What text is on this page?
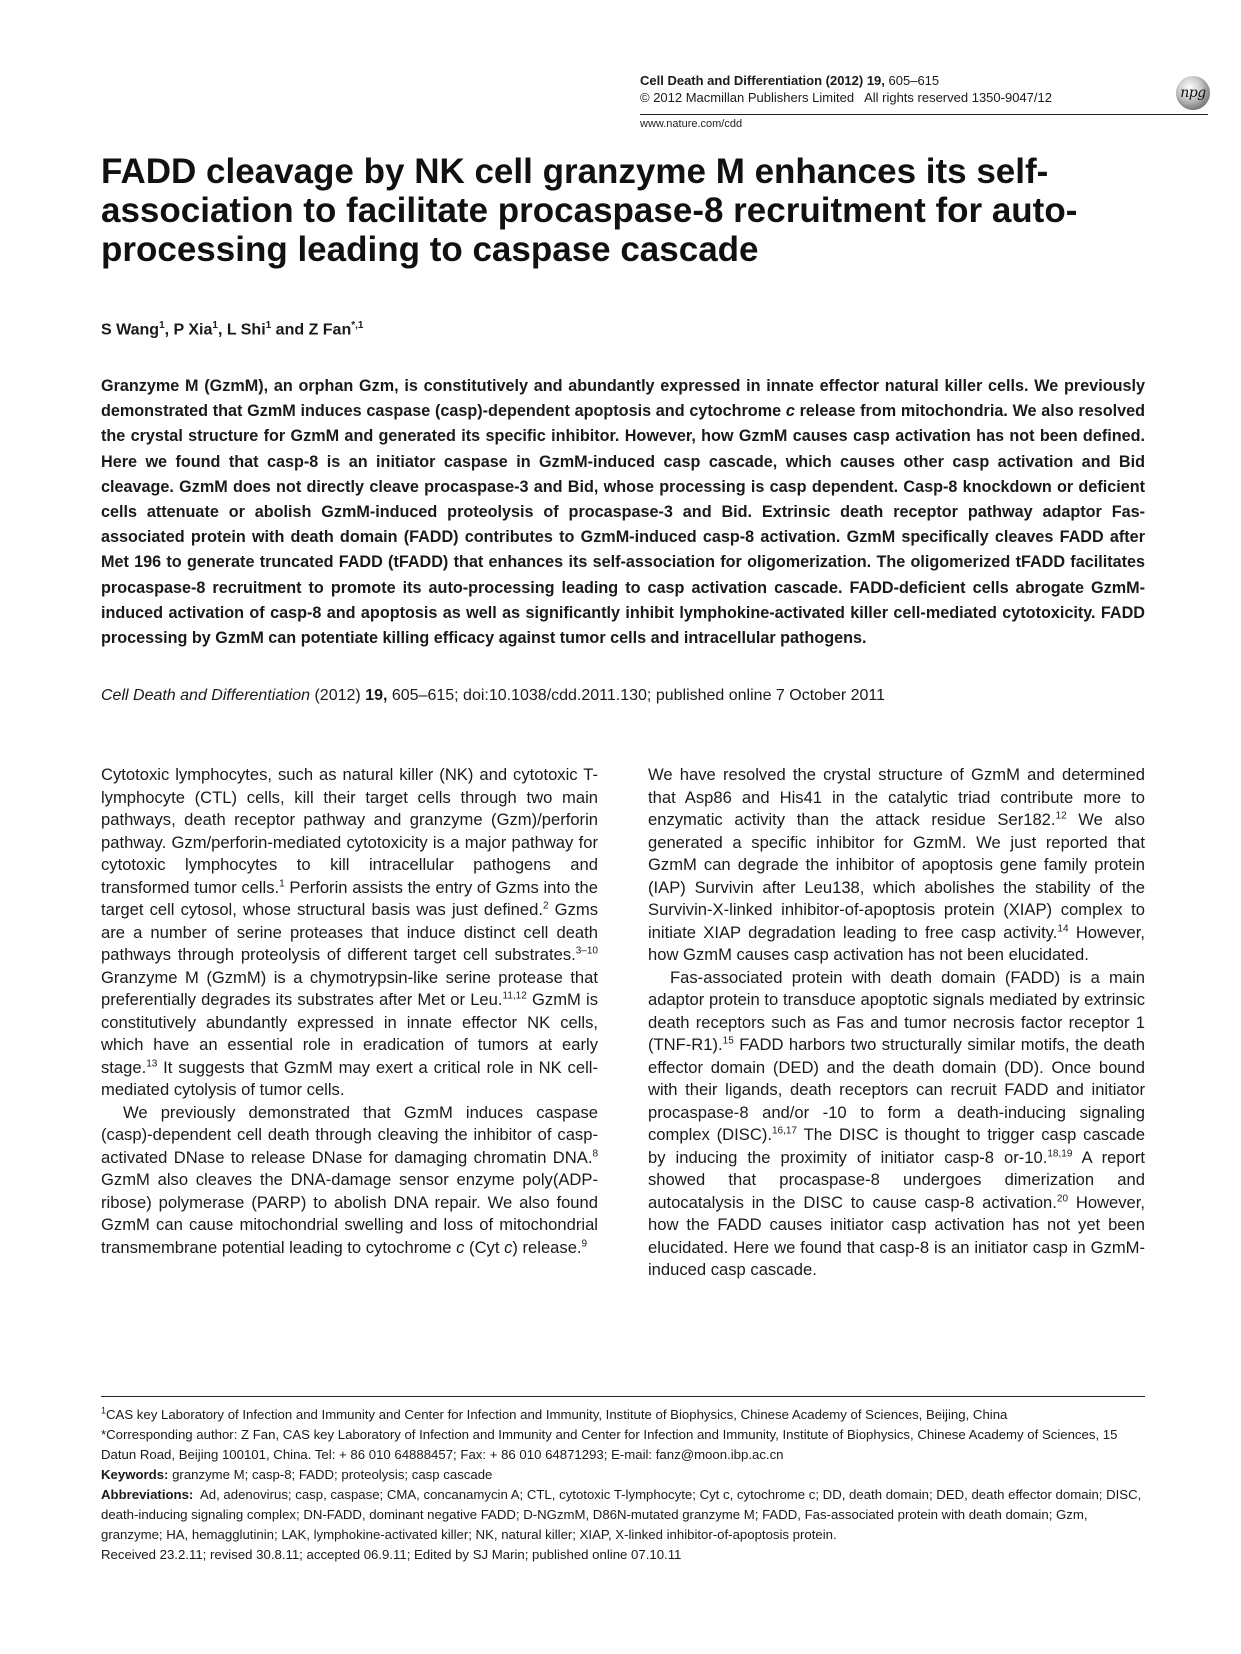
Cell Death and Differentiation (2012) 19, 605–615
© 2012 Macmillan Publishers Limited All rights reserved 1350-9047/12	npg
www.nature.com/cdd
FADD cleavage by NK cell granzyme M enhances its self-association to facilitate procaspase-8 recruitment for auto-processing leading to caspase cascade
S Wang$^1$, P Xia$^1$, L Shi$^1$ and Z Fan$^{*,1}$

Granzyme M (GzmM), an orphan Gzm, is constitutively and abundantly expressed in innate effector natural killer cells. We previously demonstrated that GzmM induces caspase (casp)-dependent apoptosis and cytochrome c release from mitochondria. We also resolved the crystal structure for GzmM and generated its specific inhibitor. However, how GzmM causes casp activation has not been defined. Here we found that casp-8 is an initiator caspase in GzmM-induced casp cascade, which causes other casp activation and Bid cleavage. GzmM does not directly cleave procaspase-3 and Bid, whose processing is casp dependent. Casp-8 knockdown or deficient cells attenuate or abolish GzmM-induced proteolysis of procaspase-3 and Bid. Extrinsic death receptor pathway adaptor Fas-associated protein with death domain (FADD) contributes to GzmM-induced casp-8 activation. GzmM specifically cleaves FADD after Met 196 to generate truncated FADD (tFADD) that enhances its self-association for oligomerization. The oligomerized tFADD facilitates procaspase-8 recruitment to promote its auto-processing leading to casp activation cascade. FADD-deficient cells abrogate GzmM-induced activation of casp-8 and apoptosis as well as significantly inhibit lymphokine-activated killer cell-mediated cytotoxicity. FADD processing by GzmM can potentiate killing efficacy against tumor cells and intracellular pathogens.

Cell Death and Differentiation (2012) 19, 605–615; doi:10.1038/cdd.2011.130; published online 7 October 2011

Cytotoxic lymphocytes, such as natural killer (NK) and cytotoxic T-lymphocyte (CTL) cells, kill their target cells through two main pathways, death receptor pathway and granzyme (Gzm)/perforin pathway. Gzm/perforin-mediated cytotoxicity is a major pathway for cytotoxic lymphocytes to kill intracellular pathogens and transformed tumor cells.$^1$ Perforin assists the entry of Gzms into the target cell cytosol, whose structural basis was just defined.$^2$ Gzms are a number of serine proteases that induce distinct cell death pathways through proteolysis of different target cell substrates.$^{3-10}$ Granzyme M (GzmM) is a chymotrypsin-like serine protease that preferentially degrades its substrates after Met or Leu.$^{11,12}$ GzmM is constitutively abundantly expressed in innate effector NK cells, which have an essential role in eradication of tumors at early stage.$^{13}$ It suggests that GzmM may exert a critical role in NK cell-mediated cytolysis of tumor cells.

We previously demonstrated that GzmM induces caspase (casp)-dependent cell death through cleaving the inhibitor of casp-activated DNase to release DNase for damaging chromatin DNA.$^8$ GzmM also cleaves the DNA-damage sensor enzyme poly(ADP-ribose) polymerase (PARP) to abolish DNA repair. We also found GzmM can cause mitochondrial swelling and loss of mitochondrial transmembrane potential leading to cytochrome c (Cyt c) release.$^9$

We have resolved the crystal structure of GzmM and determined that Asp86 and His41 in the catalytic triad contribute more to enzymatic activity than the attack residue Ser182.12 We also generated a specific inhibitor for GzmM. We just reported that GzmM can degrade the inhibitor of apoptosis gene family protein (IAP) Survivin after Leu138, which abolishes the stability of the Survivin-X-linked inhibitor-of-apoptosis protein (XIAP) complex to initiate XIAP degradation leading to free casp activity.$^{14}$ However, how GzmM causes casp activation has not been elucidated.

Fas-associated protein with death domain (FADD) is a main adaptor protein to transduce apoptotic signals mediated by extrinsic death receptors such as Fas and tumor necrosis factor receptor 1 (TNF-R1).$^{15}$ FADD harbors two structurally similar motifs, the death effector domain (DED) and the death domain (DD). Once bound with their ligands, death receptors can recruit FADD and initiator procaspase-8 and/or -10 to form a death-inducing signaling complex (DISC).$^{16,17}$ The DISC is thought to trigger casp cascade by inducing the proximity of initiator casp-8 or-10.$^{18,19}$ A report showed that procaspase-8 undergoes dimerization and autocatalysis in the DISC to cause casp-8 activation.$^{20}$ However, how the FADD causes initiator casp activation has not yet been elucidated. Here we found that casp-8 is an initiator casp in GzmM-induced casp cascade.

$^1$CAS key Laboratory of Infection and Immunity and Center for Infection and Immunity, Institute of Biophysics, Chinese Academy of Sciences, Beijing, China
*Corresponding author: Z Fan, CAS key Laboratory of Infection and Immunity and Center for Infection and Immunity, Institute of Biophysics, Chinese Academy of Sciences, 15 Datun Road, Beijing 100101, China. Tel: + 86 010 64888457; Fax: + 86 010 64871293; E-mail: fanz@moon.ibp.ac.cn
Keywords: granzyme M; casp-8; FADD; proteolysis; casp cascade
Abbreviations: Ad, adenovirus; casp, caspase; CMA, concanamycin A; CTL, cytotoxic T-lymphocyte; Cyt c, cytochrome c; DD, death domain; DED, death effector domain; DISC, death-inducing signaling complex; DN-FADD, dominant negative FADD; D-NGzmM, D86N-mutated granzyme M; FADD, Fas-associated protein with death domain; Gzm, granzyme; HA, hemagglutinin; LAK, lymphokine-activated killer; NK, natural killer; XIAP, X-linked inhibitor-of-apoptosis protein.
Received 23.2.11; revised 30.8.11; accepted 06.9.11; Edited by SJ Marin; published online 07.10.11
